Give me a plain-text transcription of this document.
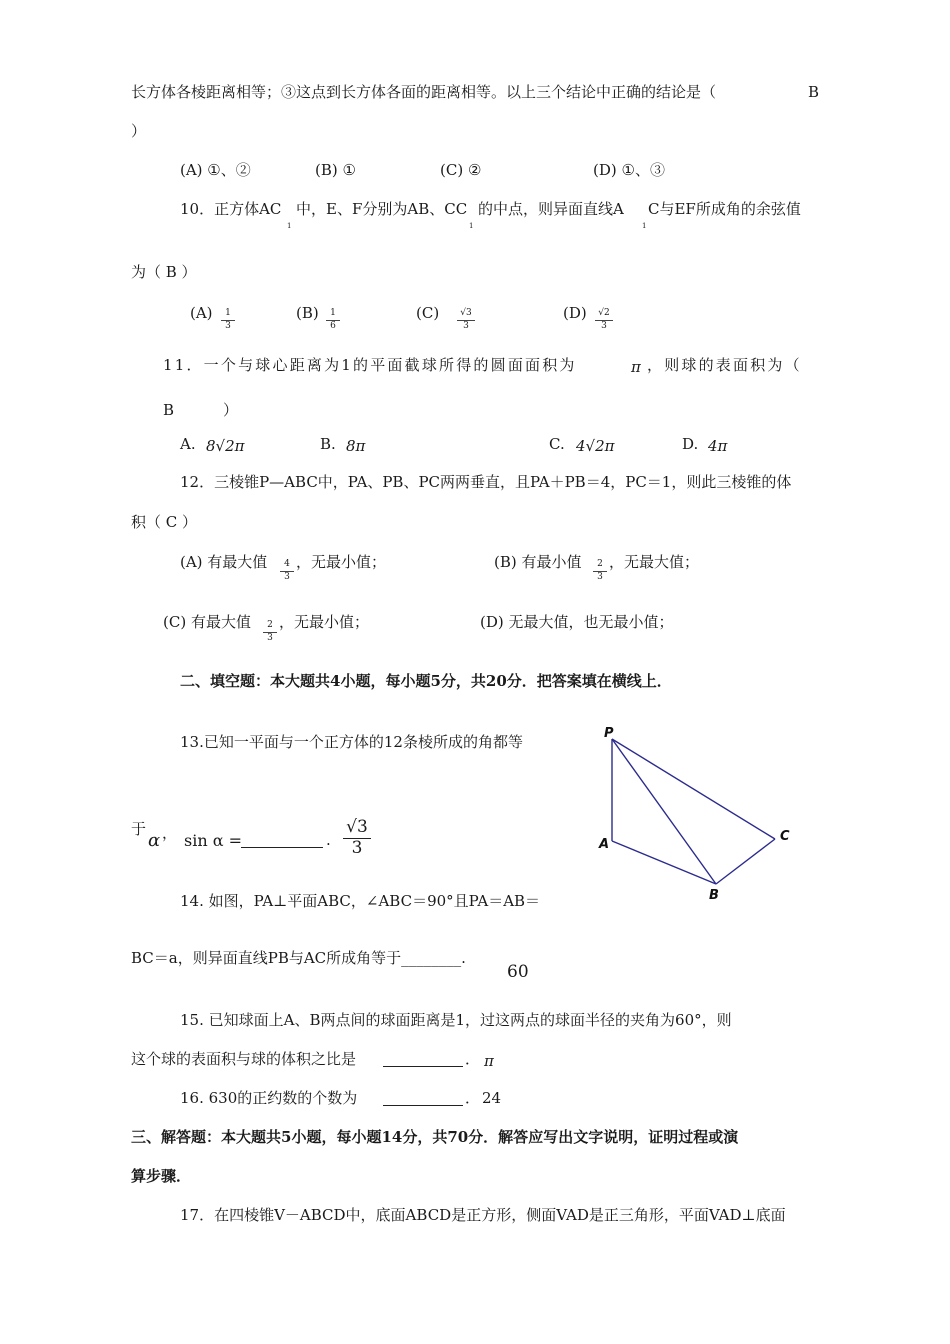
长方体各棱距离相等；③这点到长方体各面的距离相等。以上三个结论中正确的结论是（	B
）
(A) ①、②	(B) ①	(C) ②	(D) ①、③
10．正方体AC
1
中，E、F分别为AB、CC
1
的中点，则异面直线A
1
C与EF所成角的余弦值
为（ B ）
(A)	1
3
(B)	1
6
(C)	√3
3
(D)	√2
3
11．一个与球心距离为1的平面截球所得的圆面面积为	π ，则球的表面积为（
B	）
A. 8√2π	B. 8π	C. 4√2π	D. 4π
12．三棱锥P—ABC中，PA、PB、PC两两垂直，且PA＋PB＝4，PC＝1，则此三棱锥的体
积（ C ）
(A) 有最大值	4
3
，无最小值；	(B) 有最小值	2
3
，无最大值；
(C) 有最大值	2
3
，无最小值；	(D) 无最大值，也无最小值；
二、填空题：本大题共4小题，每小题5分，共20分．把答案填在横线上．
13.已知一平面与一个正方体的12条棱所成的角都等
于
α ， sin α =	.
√3
3
P
A
B
C
14. 如图，PA⊥平面ABC，∠ABC＝90°且PA＝AB＝
BC＝a，则异面直线PB与AC所成角等于________.
60
15. 已知球面上A、B两点间的球面距离是1，过这两点的球面半径的夹角为60°，则
这个球的表面积与球的体积之比是	． π
16. 630的正约数的个数为	． 24
三、解答题：本大题共5小题，每小题14分，共70分．解答应写出文字说明，证明过程或演
算步骤．
17．在四棱锥V－ABCD中，底面ABCD是正方形，侧面VAD是正三角形，平面VAD⊥底面
